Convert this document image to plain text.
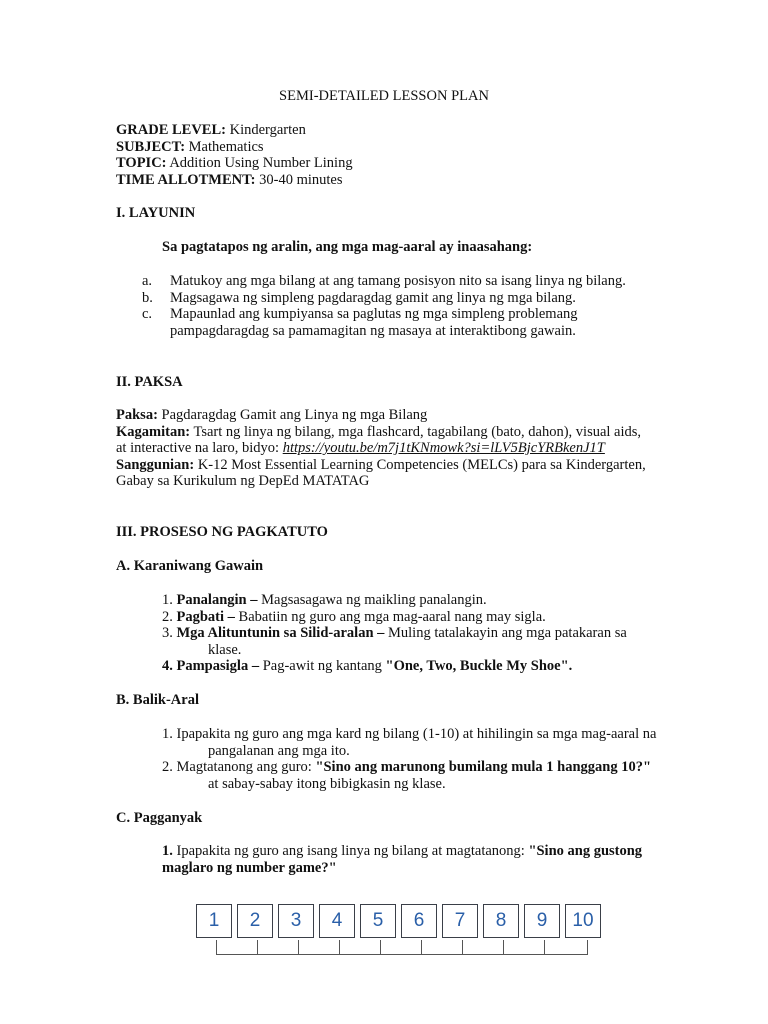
SEMI-DETAILED LESSON PLAN
GRADE LEVEL: Kindergarten
SUBJECT: Mathematics
TOPIC: Addition Using Number Lining
TIME ALLOTMENT: 30-40 minutes
I. LAYUNIN
Sa pagtatapos ng aralin, ang mga mag-aaral ay inaasahang:
a. Matukoy ang mga bilang at ang tamang posisyon nito sa isang linya ng bilang.
b. Magsagawa ng simpleng pagdaragdag gamit ang linya ng mga bilang.
c. Mapaunlad ang kumpiyansa sa paglutas ng mga simpleng problemang pampagdaragdag sa pamamagitan ng masaya at interaktibong gawain.
II. PAKSA
Paksa: Pagdaragdag Gamit ang Linya ng mga Bilang
Kagamitan: Tsart ng linya ng bilang, mga flashcard, tagabilang (bato, dahon), visual aids, at interactive na laro, bidyo: https://youtu.be/m7j1tKNmowk?si=lLV5BjcYRBkenJ1T
Sanggunian: K-12 Most Essential Learning Competencies (MELCs) para sa Kindergarten, Gabay sa Kurikulum ng DepEd MATATAG
III. PROSESO NG PAGKATUTO
A. Karaniwang Gawain
1. Panalangin – Magsasagawa ng maikling panalangin.
2. Pagbati – Babatiin ng guro ang mga mag-aaral nang may sigla.
3. Mga Alituntunin sa Silid-aralan – Muling tatalakayin ang mga patakaran sa klase.
4. Pampasigla – Pag-awit ng kantang "One, Two, Buckle My Shoe".
B. Balik-Aral
1. Ipapakita ng guro ang mga kard ng bilang (1-10) at hihilingin sa mga mag-aaral na pangalanan ang mga ito.
2. Magtatanong ang guro: "Sino ang marunong bumilang mula 1 hanggang 10?" at sabay-sabay itong bibigkasin ng klase.
C. Pagganyak
1. Ipapakita ng guro ang isang linya ng bilang at magtatanong: "Sino ang gustong maglaro ng number game?"
1	2	3	4	5	6	7	8	9	10
